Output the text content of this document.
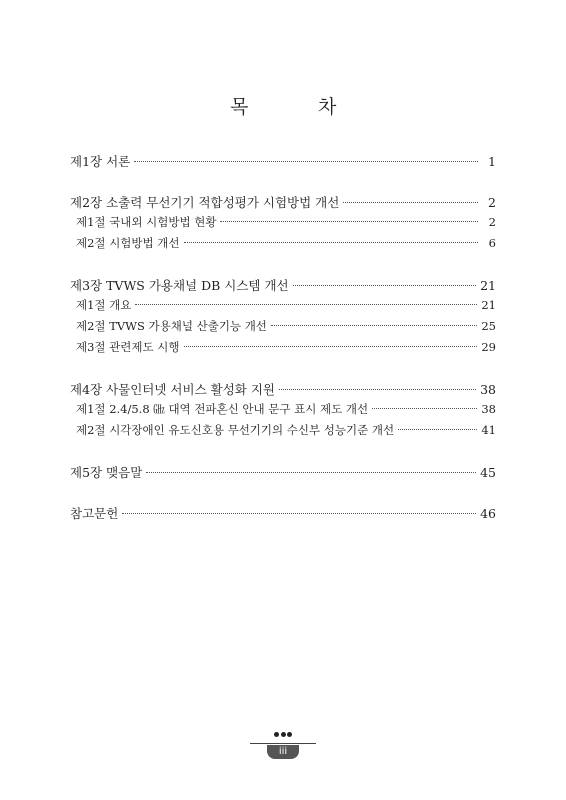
목	차
제1장 서론	1
제2장 소출력 무선기기 적합성평가 시험방법 개선	2
제1절 국내외 시험방법 현황	2
제2절 시험방법 개선	6
제3장 TVWS 가용채널 DB 시스템 개선	21
제1절 개요	21
제2절 TVWS 가용채널 산출기능 개선	25
제3절 관련제도 시행	29
제4장 사물인터넷 서비스 활성화 지원	38
제1절 2.4/5.8 ㎓ 대역 전파혼신 안내 문구 표시 제도 개선	38
제2절 시각장애인 유도신호용 무선기기의 수신부 성능기준 개선	41
제5장 맺음말	45
참고문헌	46
iii
